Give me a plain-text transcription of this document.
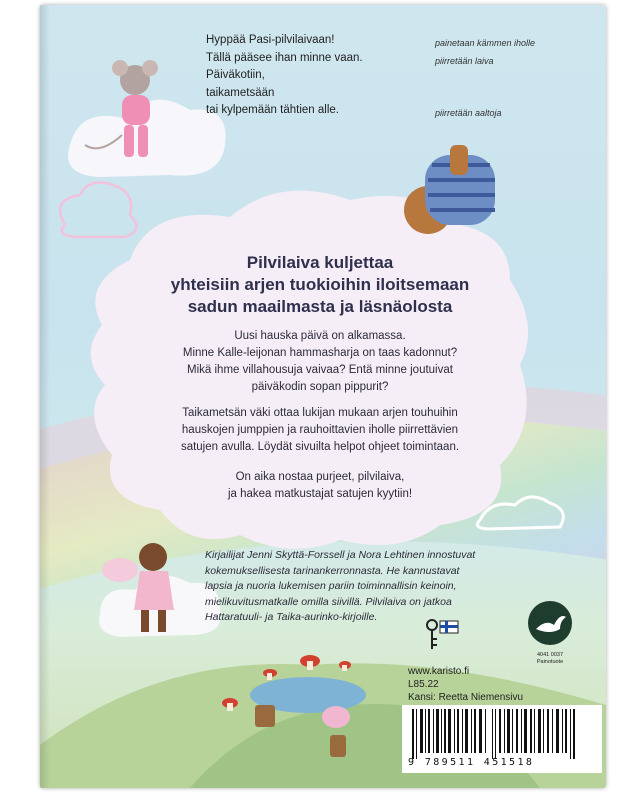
Hyppää Pasi-pilvilaivaan!	painetaan kämmen iholle
Tällä pääsee ihan minne vaan.	piirretään laiva
Päiväkotiin,
taikametsään
tai kylpemään tähtien alle.	piirretään aaltoja
Pilvilaiva kuljettaa
yhteisiin arjen tuokioihin iloitsemaan
sadun maailmasta ja läsnäolosta
Uusi hauska päivä on alkamassa.
Minne Kalle-leijonan hammasharja on taas kadonnut?
Mikä ihme villahousuja vaivaa? Entä minne joutuivat
päiväkodin sopan pippurit?
Taikametsän väki ottaa lukijan mukaan arjen touhuihin
hauskojen jumppien ja rauhoittavien iholle piirrettävien
satujen avulla. Löydät sivuilta helpot ohjeet toimintaan.
On aika nostaa purjeet, pilvilaiva,
ja hakea matkustajat satujen kyytiin!
Kirjailijat Jenni Skyttä-Forssell ja Nora Lehtinen innostuvat
kokemuksellisesta tarinankerronnasta. He kannustavat
lapsia ja nuoria lukemisen pariin toiminnallisin keinoin,
mielikuvitusmatkalle omilla siivillä. Pilvilaiva on jatkoa
Hattaratuuli- ja Taika-aurinko-kirjoille.
4041 0037
Painotuote
www.karisto.fi
L85.22
Kansi: Reetta Niemensivu
9 789511 451518
